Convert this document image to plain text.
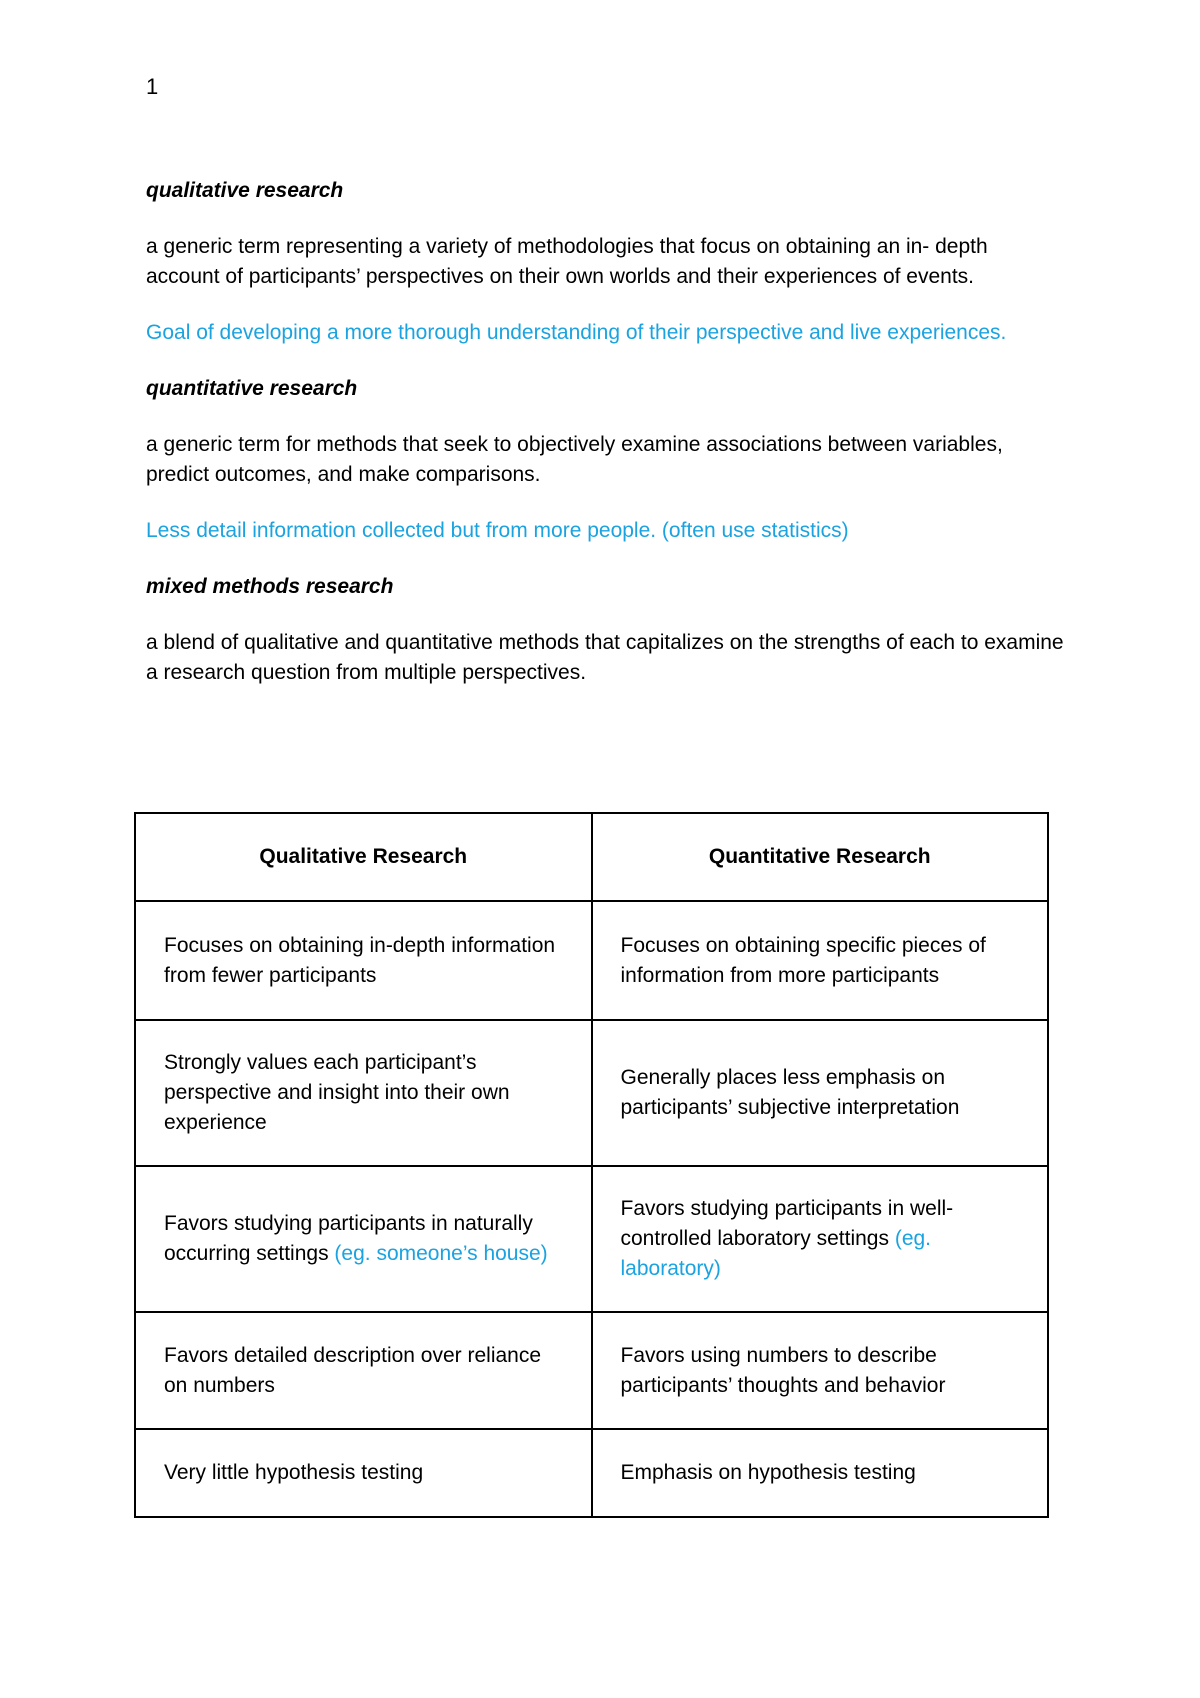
1

qualitative research

a generic term representing a variety of methodologies that focus on obtaining an in- depth account of participants’ perspectives on their own worlds and their experiences of events.

Goal of developing a more thorough understanding of their perspective and live experiences.

quantitative research

a generic term for methods that seek to objectively examine associations between variables, predict outcomes, and make comparisons.

Less detail information collected but from more people. (often use statistics)

mixed methods research

a blend of qualitative and quantitative methods that capitalizes on the strengths of each to examine a research question from multiple perspectives.

Qualitative Research	Quantitative Research
Focuses on obtaining in-depth information from fewer participants	Focuses on obtaining specific pieces of information from more participants
Strongly values each participant’s perspective and insight into their own experience	Generally places less emphasis on participants’ subjective interpretation
Favors studying participants in naturally occurring settings (eg. someone’s house)	Favors studying participants in well-controlled laboratory settings (eg. laboratory)
Favors detailed description over reliance on numbers	Favors using numbers to describe participants’ thoughts and behavior
Very little hypothesis testing	Emphasis on hypothesis testing
